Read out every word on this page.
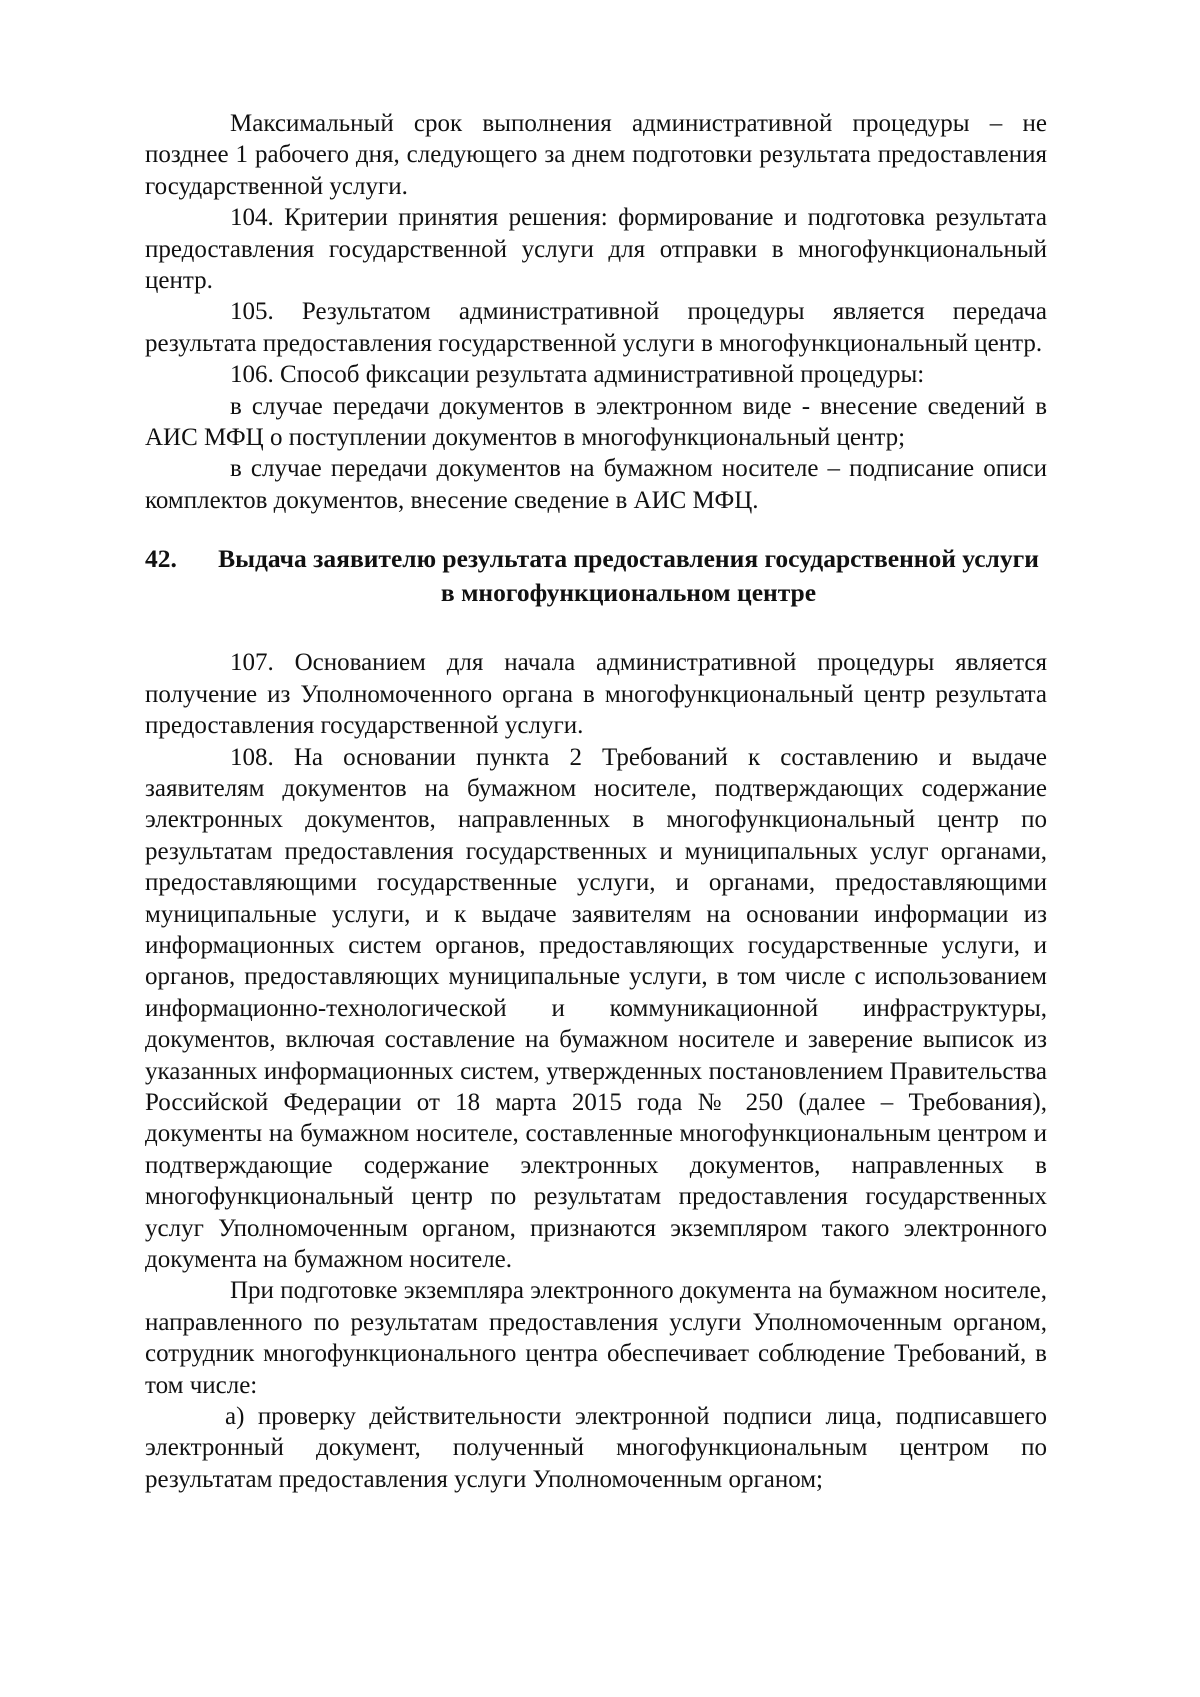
Максимальный срок выполнения административной процедуры – не позднее 1 рабочего дня, следующего за днем подготовки результата предоставления государственной услуги.

104. Критерии принятия решения: формирование и подготовка результата предоставления государственной услуги для отправки в многофункциональный центр.

105. Результатом административной процедуры является передача результата предоставления государственной услуги в многофункциональный центр.

106. Способ фиксации результата административной процедуры:

в случае передачи документов в электронном виде - внесение сведений в АИС МФЦ о поступлении документов в многофункциональный центр;

в случае передачи документов на бумажном носителе – подписание описи комплектов документов, внесение сведение в АИС МФЦ.

42.	Выдача заявителю результата предоставления государственной услуги
в многофункциональном центре

107. Основанием для начала административной процедуры является получение из Уполномоченного органа в многофункциональный центр результата предоставления государственной услуги.

108. На основании пункта 2 Требований к составлению и выдаче заявителям документов на бумажном носителе, подтверждающих содержание электронных документов, направленных в многофункциональный центр по результатам предоставления государственных и муниципальных услуг органами, предоставляющими государственные услуги, и органами, предоставляющими муниципальные услуги, и к выдаче заявителям на основании информации из информационных систем органов, предоставляющих государственные услуги, и органов, предоставляющих муниципальные услуги, в том числе с использованием информационно-технологической и коммуникационной инфраструктуры, документов, включая составление на бумажном носителе и заверение выписок из указанных информационных систем, утвержденных постановлением Правительства Российской Федерации от 18 марта 2015 года № 250 (далее – Требования), документы на бумажном носителе, составленные многофункциональным центром и подтверждающие содержание электронных документов, направленных в многофункциональный центр по результатам предоставления государственных услуг Уполномоченным органом, признаются экземпляром такого электронного документа на бумажном носителе.

При подготовке экземпляра электронного документа на бумажном носителе, направленного по результатам предоставления услуги Уполномоченным органом, сотрудник многофункционального центра обеспечивает соблюдение Требований, в том числе:

а) проверку действительности электронной подписи лица, подписавшего электронный документ, полученный многофункциональным центром по результатам предоставления услуги Уполномоченным органом;
